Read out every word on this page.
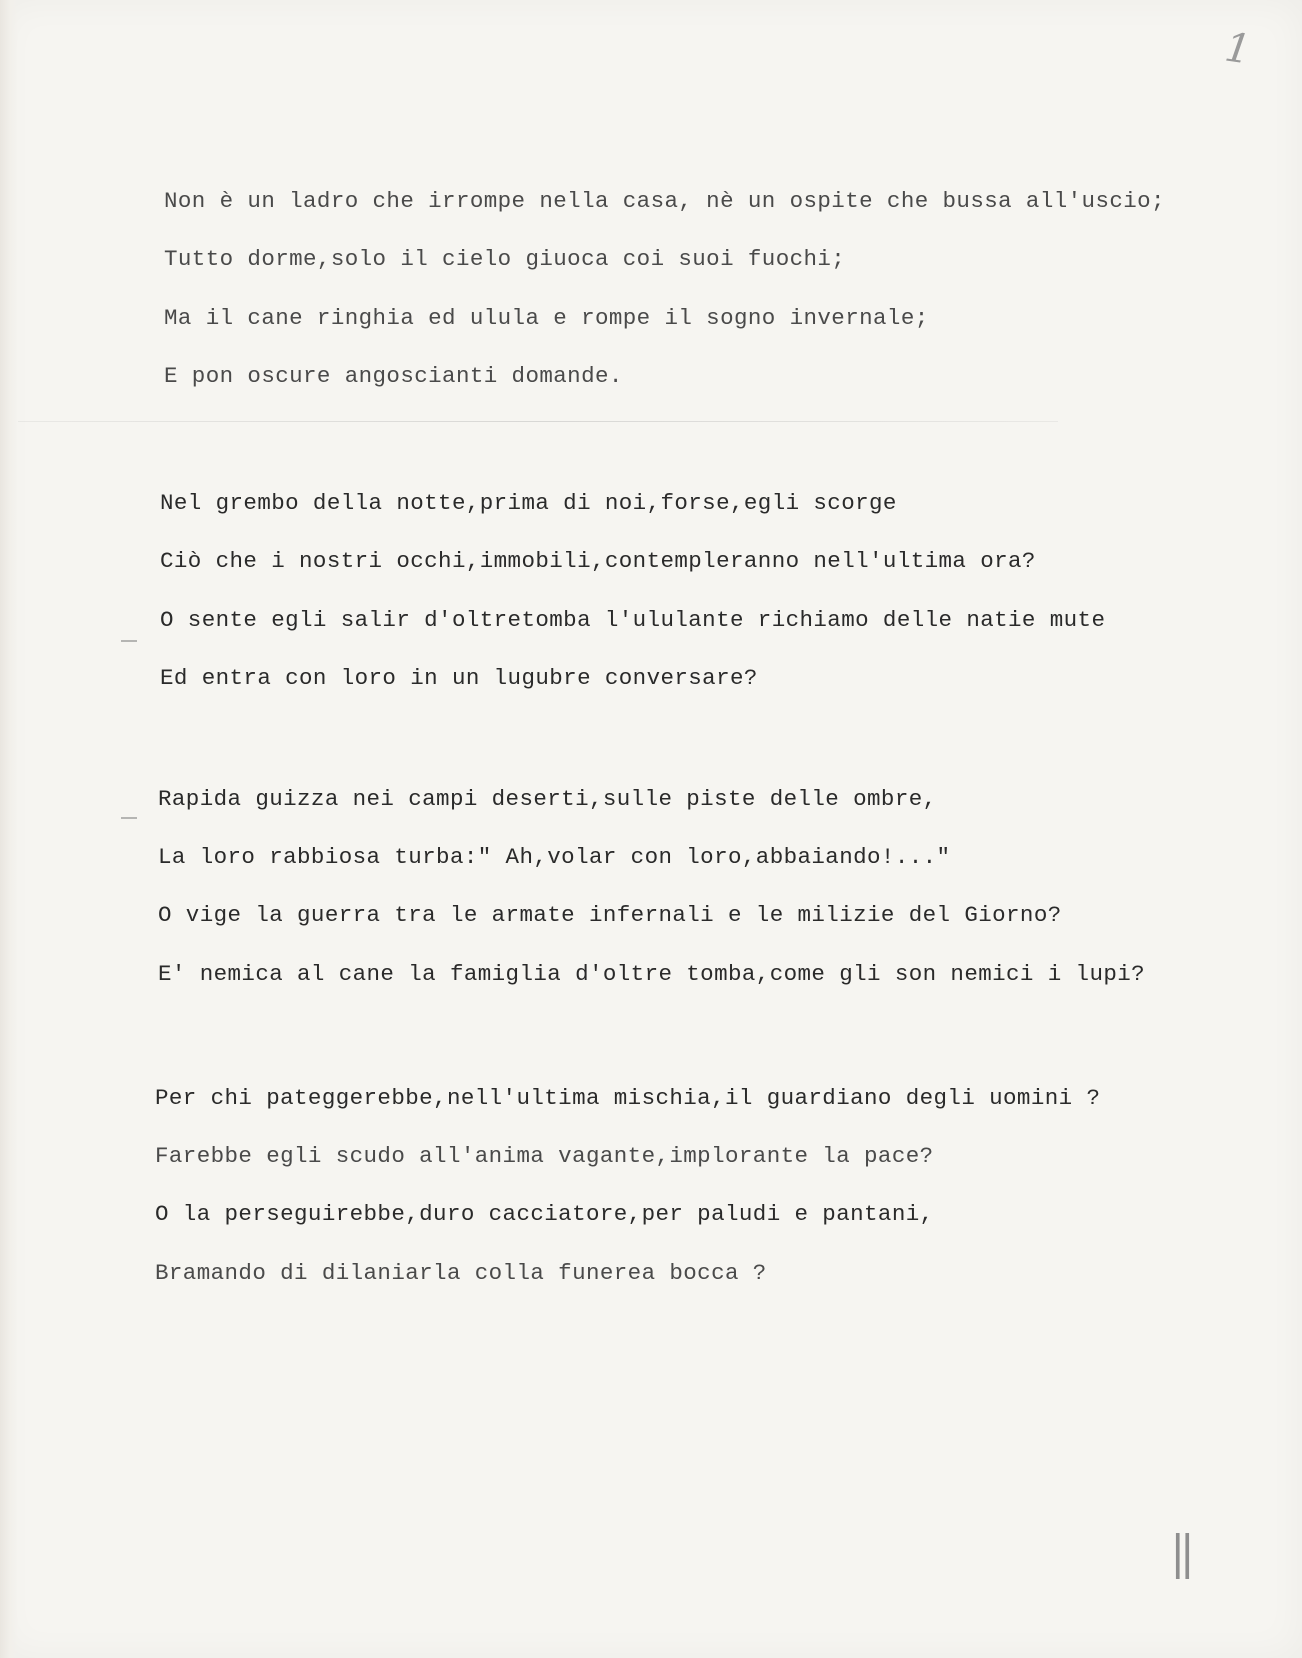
1
Non è un ladro che irrompe nella casa, nè un ospite che bussa all'uscio;
Tutto dorme,solo il cielo giuoca coi suoi fuochi;
Ma il cane ringhia ed ulula e rompe il sogno invernale;
E pon oscure angoscianti domande.
Nel grembo della notte,prima di noi,forse,egli scorge
Ciò che i nostri occhi,immobili,contempleranno nell'ultima ora?
O sente egli salir d'oltretomba l'ululante richiamo delle natie mute
Ed entra con loro in un lugubre conversare?
Rapida guizza nei campi deserti,sulle piste delle ombre,
La loro rabbiosa turba:" Ah,volar con loro,abbaiando!..."
O vige la guerra tra le armate infernali e le milizie del Giorno?
E' nemica al cane la famiglia d'oltre tomba,come gli son nemici i lupi?
Per chi pateggerebbe,nell'ultima mischia,il guardiano degli uomini ?
Farebbe egli scudo all'anima vagante,implorante la pace?
O la perseguirebbe,duro cacciatore,per paludi e pantani,
Bramando di dilaniarla colla funerea bocca ?
||
